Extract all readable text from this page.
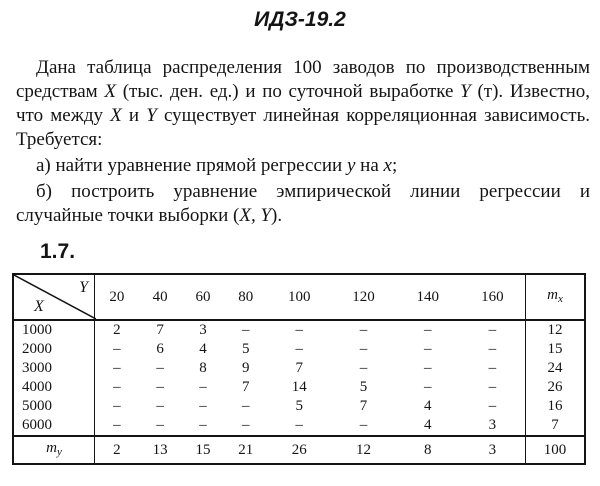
ИДЗ-19.2

Дана таблица распределения 100 заводов по производственным средствам X (тыс. ден. ед.) и по суточной выработке Y (т). Известно, что между X и Y существует линейная корреляционная зависимость. Требуется:

а) найти уравнение прямой регрессии y на x;

б) построить уравнение эмпирической линии регрессии и случайные точки выборки (X, Y).

1.7.
Y
X	20	40	60	80	100	120	140	160	$m_x$
1000	2	7	3	–	–	–	–	–	12
2000	–	6	4	5	–	–	–	–	15
3000	–	–	8	9	7	–	–	–	24
4000	–	–	–	7	14	5	–	–	26
5000	–	–	–	–	5	7	4	–	16
6000	–	–	–	–	–	–	4	3	7
$m_y$	2	13	15	21	26	12	8	3	100
